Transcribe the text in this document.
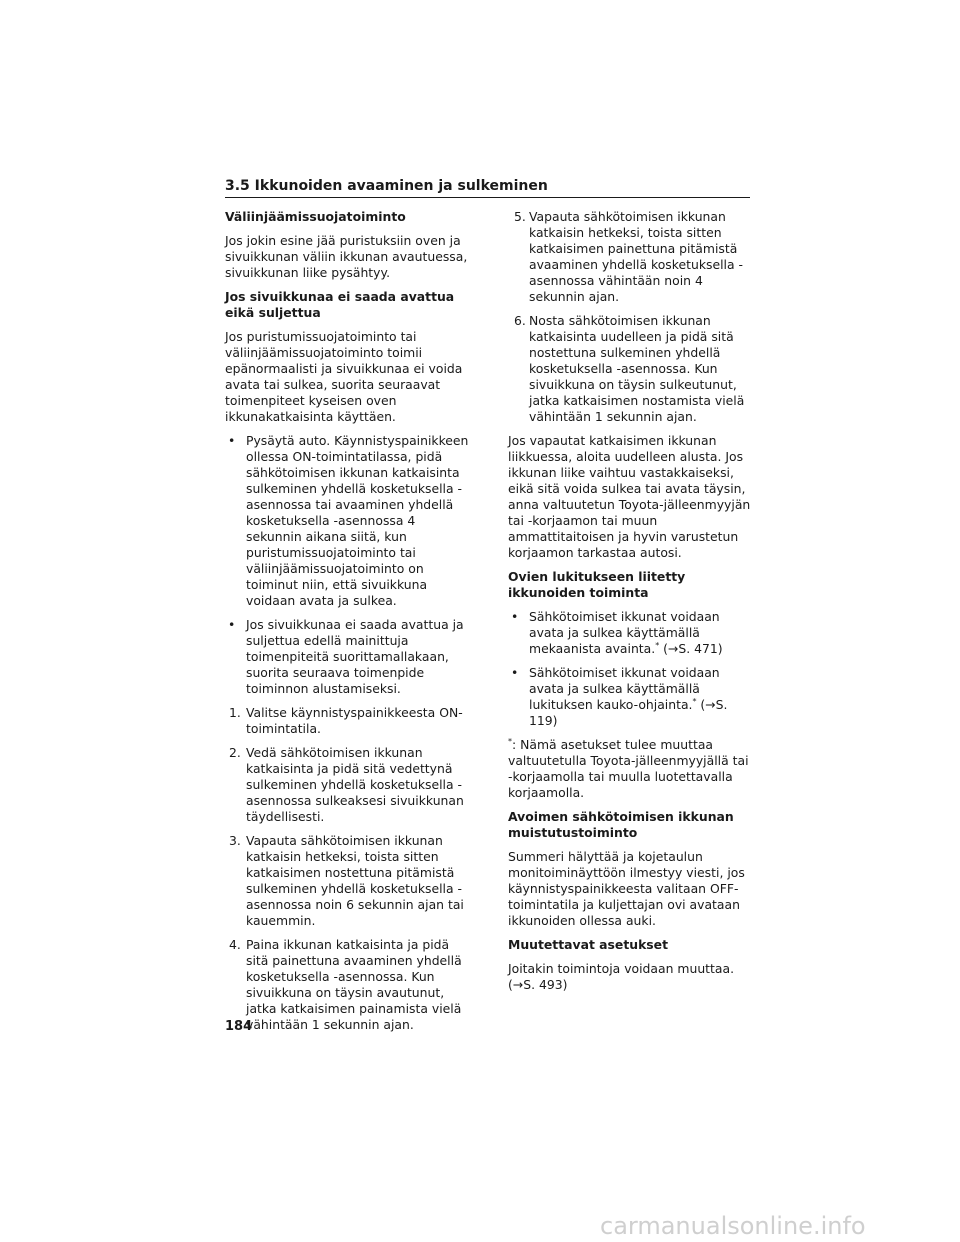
3.5 Ikkunoiden avaaminen ja sulkeminen
Väliinjäämissuojatoiminto

Jos jokin esine jää puristuksiin oven ja sivuikkunan väliin ikkunan avautuessa, sivuikkunan liike pysähtyy.

Jos sivuikkunaa ei saada avattua eikä suljettua

Jos puristumissuojatoiminto tai väliinjäämissuojatoiminto toimii epänormaalisti ja sivuikkunaa ei voida avata tai sulkea, suorita seuraavat toimenpiteet kyseisen oven ikkunakatkaisinta käyttäen.

• Pysäytä auto. Käynnistyspainikkeen ollessa ON-toimintatilassa, pidä sähkötoimisen ikkunan katkaisinta sulkeminen yhdellä kosketuksella -asennossa tai avaaminen yhdellä kosketuksella -asennossa 4 sekunnin aikana siitä, kun puristumissuojatoiminto tai väliinjäämissuojatoiminto on toiminut niin, että sivuikkuna voidaan avata ja sulkea.
• Jos sivuikkunaa ei saada avattua ja suljettua edellä mainittuja toimenpiteitä suorittamallakaan, suorita seuraava toimenpide toiminnon alustamiseksi.
1. Valitse käynnistyspainikkeesta ON-toimintatila.
2. Vedä sähkötoimisen ikkunan katkaisinta ja pidä sitä vedettynä sulkeminen yhdellä kosketuksella -asennossa sulkeaksesi sivuikkunan täydellisesti.
3. Vapauta sähkötoimisen ikkunan katkaisin hetkeksi, toista sitten katkaisimen nostettuna pitämistä sulkeminen yhdellä kosketuksella -asennossa noin 6 sekunnin ajan tai kauemmin.
4. Paina ikkunan katkaisinta ja pidä sitä painettuna avaaminen yhdellä kosketuksella -asennossa. Kun sivuikkuna on täysin avautunut, jatka katkaisimen painamista vielä vähintään 1 sekunnin ajan.
5. Vapauta sähkötoimisen ikkunan katkaisin hetkeksi, toista sitten katkaisimen painettuna pitämistä avaaminen yhdellä kosketuksella -asennossa vähintään noin 4 sekunnin ajan.
6. Nosta sähkötoimisen ikkunan katkaisinta uudelleen ja pidä sitä nostettuna sulkeminen yhdellä kosketuksella -asennossa. Kun sivuikkuna on täysin sulkeutunut, jatka katkaisimen nostamista vielä vähintään 1 sekunnin ajan.

Jos vapautat katkaisimen ikkunan liikkuessa, aloita uudelleen alusta. Jos ikkunan liike vaihtuu vastakkaiseksi, eikä sitä voida sulkea tai avata täysin, anna valtuutetun Toyota-jälleenmyyjän tai -korjaamon tai muun ammattitaitoisen ja hyvin varustetun korjaamon tarkastaa autosi.

Ovien lukitukseen liitetty ikkunoiden toiminta
• Sähkötoimiset ikkunat voidaan avata ja sulkea käyttämällä mekaanista avainta.* (→S. 471)
• Sähkötoimiset ikkunat voidaan avata ja sulkea käyttämällä lukituksen kauko-ohjainta.* (→S. 119)

*: Nämä asetukset tulee muuttaa valtuutetulla Toyota-jälleenmyyjällä tai -korjaamolla tai muulla luotettavalla korjaamolla.

Avoimen sähkötoimisen ikkunan muistutustoiminto

Summeri hälyttää ja kojetaulun monitoiminäyttöön ilmestyy viesti, jos käynnistyspainikkeesta valitaan OFF-toimintatila ja kuljettajan ovi avataan ikkunoiden ollessa auki.

Muutettavat asetukset

Joitakin toimintoja voidaan muuttaa. (→S. 493)

184
carmanualsonline.info
